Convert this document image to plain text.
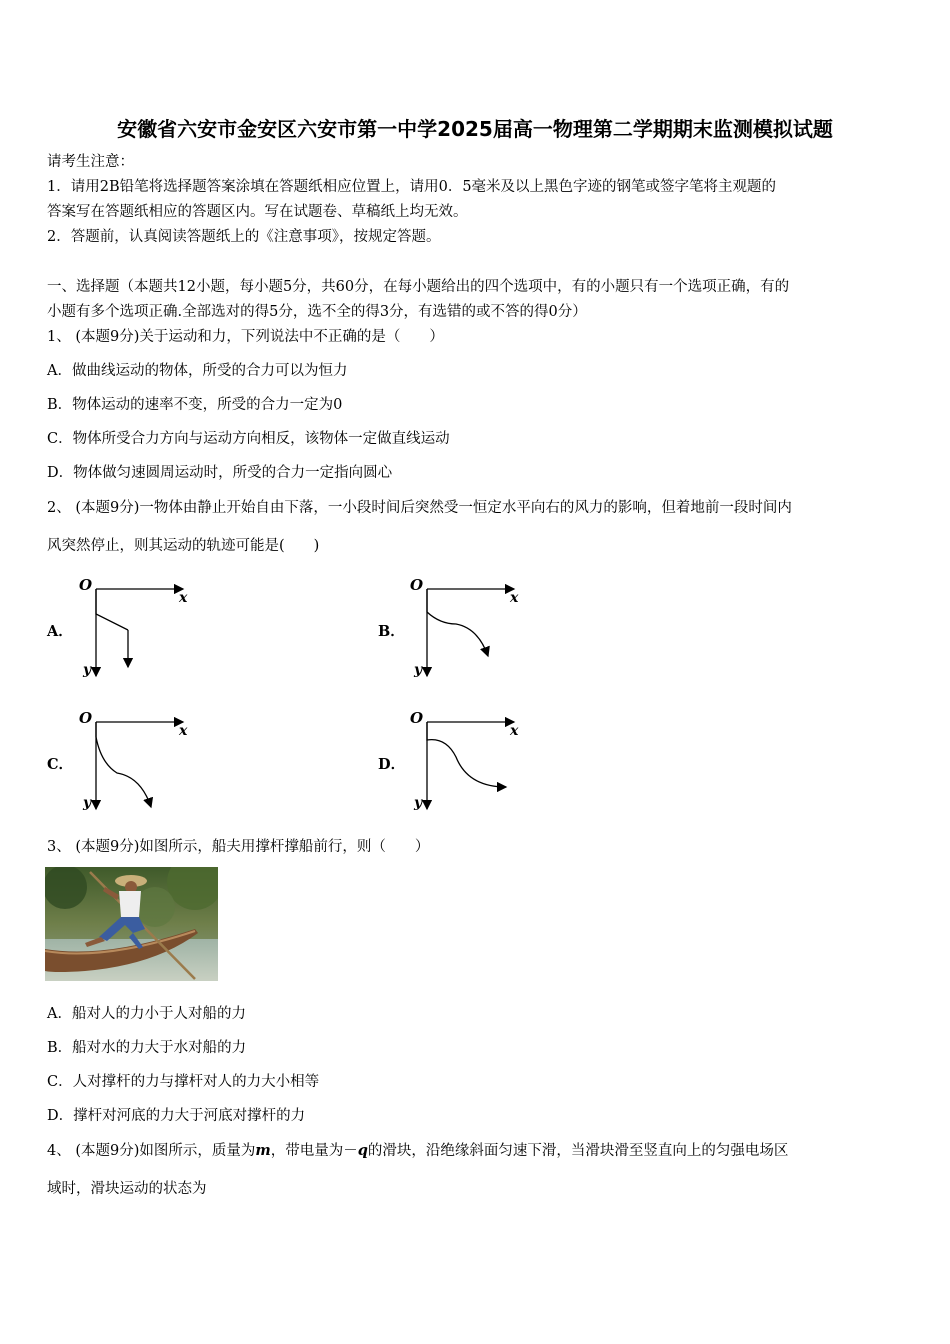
安徽省六安市金安区六安市第一中学2025届高一物理第二学期期末监测模拟试题
请考生注意：
1．请用2B铅笔将选择题答案涂填在答题纸相应位置上，请用0．5毫米及以上黑色字迹的钢笔或签字笔将主观题的
答案写在答题纸相应的答题区内。写在试题卷、草稿纸上均无效。
2．答题前，认真阅读答题纸上的《注意事项》，按规定答题。
一、选择题（本题共12小题，每小题5分，共60分，在每小题给出的四个选项中，有的小题只有一个选项正确，有的
小题有多个选项正确.全部选对的得5分，选不全的得3分，有选错的或不答的得0分）
1、 (本题9分)关于运动和力，下列说法中不正确的是（　　）
A．做曲线运动的物体，所受的合力可以为恒力
B．物体运动的速率不变，所受的合力一定为0
C．物体所受合力方向与运动方向相反，该物体一定做直线运动
D．物体做匀速圆周运动时，所受的合力一定指向圆心
2、 (本题9分)一物体由静止开始自由下落，一小段时间后突然受一恒定水平向右的风力的影响，但着地前一段时间内
风突然停止，则其运动的轨迹可能是(　　)
A．	B．
C．	D．
O
x
y
O
x
y
O
x
y
O
x
y
3、 (本题9分)如图所示，船夫用撑杆撑船前行，则（　　）
A．船对人的力小于人对船的力
B．船对水的力大于水对船的力
C．人对撑杆的力与撑杆对人的力大小相等
D．撑杆对河底的力大于河底对撑杆的力
4、 (本题9分)如图所示，质量为m，带电量为－q的滑块，沿绝缘斜面匀速下滑，当滑块滑至竖直向上的匀强电场区
域时，滑块运动的状态为
